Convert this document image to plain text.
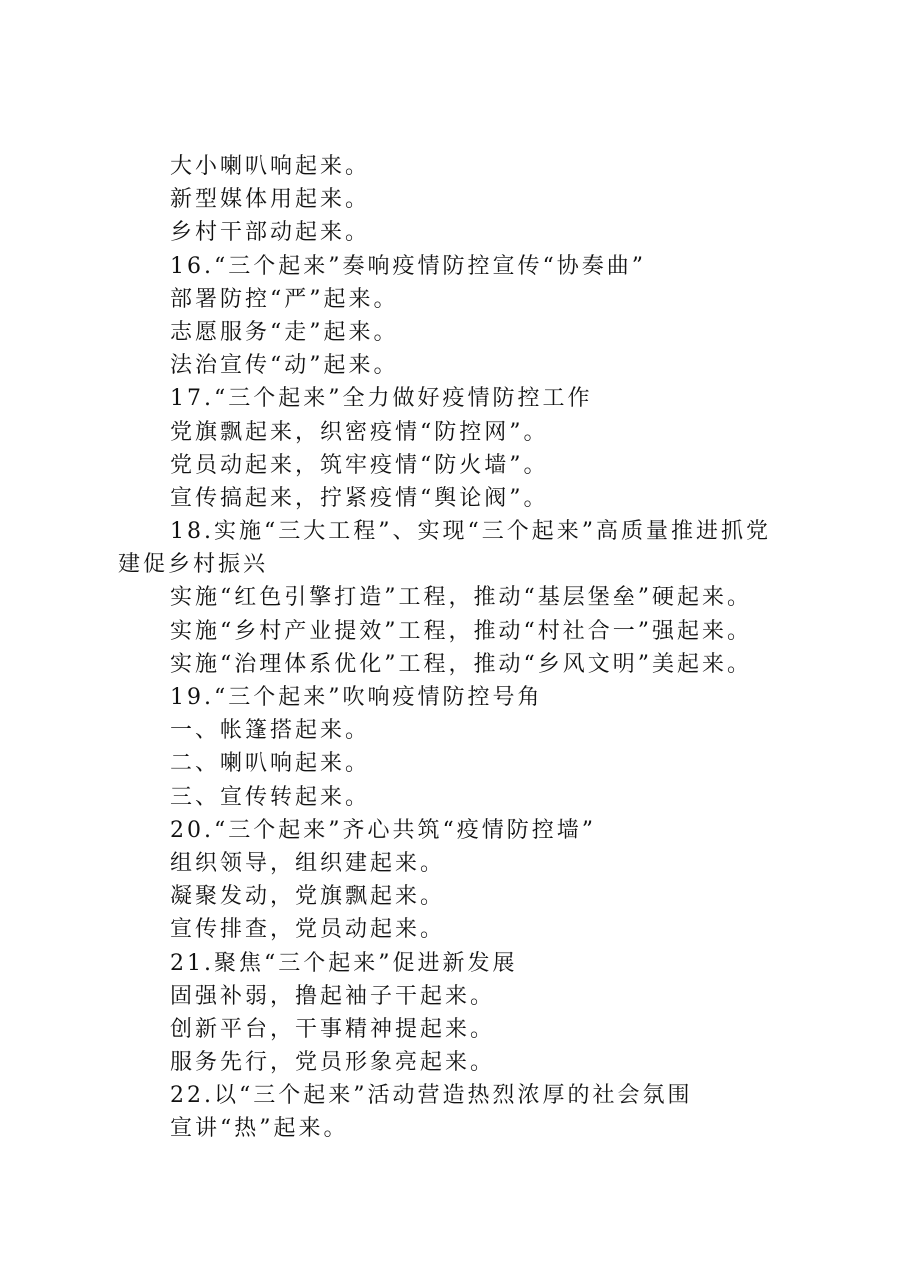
大小喇叭响起来。
新型媒体用起来。
乡村干部动起来。
16.“三个起来”奏响疫情防控宣传“协奏曲”
部署防控“严”起来。
志愿服务“走”起来。
法治宣传“动”起来。
17.“三个起来”全力做好疫情防控工作
党旗飘起来，织密疫情“防控网”。
党员动起来，筑牢疫情“防火墙”。
宣传搞起来，拧紧疫情“舆论阀”。
18.实施“三大工程”、实现“三个起来”高质量推进抓党
建促乡村振兴
实施“红色引擎打造”工程，推动“基层堡垒”硬起来。
实施“乡村产业提效”工程，推动“村社合一”强起来。
实施“治理体系优化”工程，推动“乡风文明”美起来。
19.“三个起来”吹响疫情防控号角
一、帐篷搭起来。
二、喇叭响起来。
三、宣传转起来。
20.“三个起来”齐心共筑“疫情防控墙”
组织领导，组织建起来。
凝聚发动，党旗飘起来。
宣传排查，党员动起来。
21.聚焦“三个起来”促进新发展
固强补弱，撸起袖子干起来。
创新平台，干事精神提起来。
服务先行，党员形象亮起来。
22.以“三个起来”活动营造热烈浓厚的社会氛围
宣讲“热”起来。
